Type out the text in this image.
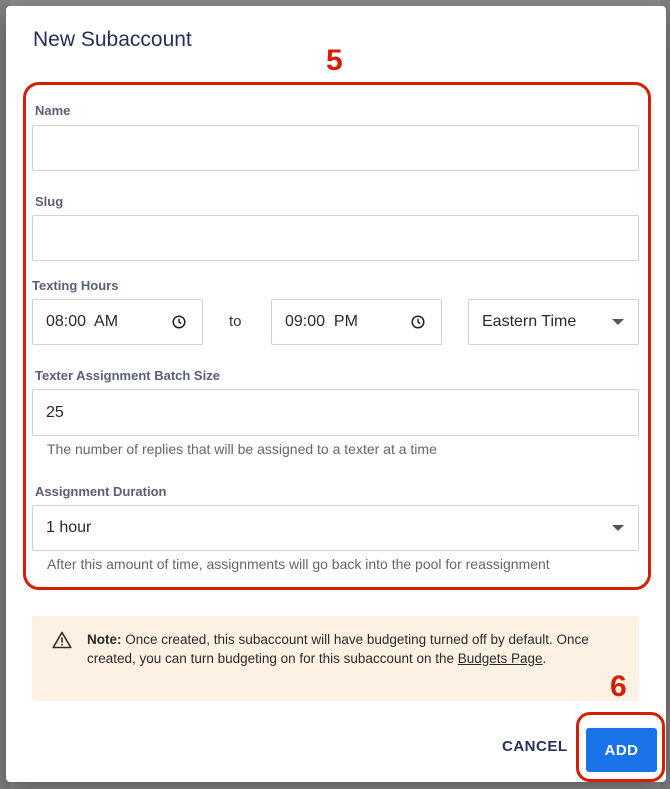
New Subaccount
Name
Slug
Texting Hours
08:00  AM	to	09:00  PM	Eastern Time
Texter Assignment Batch Size
25
The number of replies that will be assigned to a texter at a time
Assignment Duration
1 hour
After this amount of time, assignments will go back into the pool for reassignment
5
Note: Once created, this subaccount will have budgeting turned off by default. Once created, you can turn budgeting on for this subaccount on the Budgets Page.
6
CANCEL	ADD
